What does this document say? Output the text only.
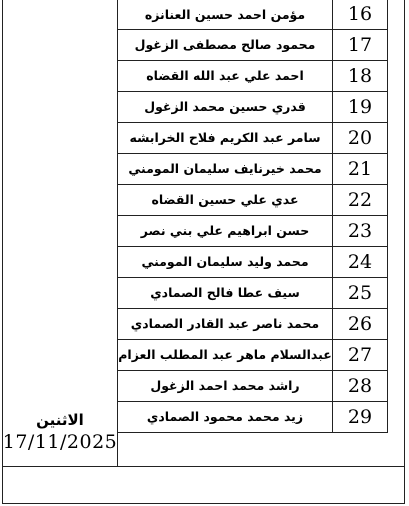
الاثنين
17/11/2025
مؤمن احمد حسين العنانزه	16
محمود صالح مصطفى الزغول	17
احمد علي عبد الله القضاه	18
قدري حسين محمد الزغول	19
سامر عبد الكريم فلاح الخرابشه	20
محمد خيرنايف سليمان المومني	21
عدي علي حسين القضاه	22
حسن ابراهيم علي بني نصر	23
محمد وليد سليمان المومني	24
سيف عطا فالح الصمادي	25
محمد ناصر عبد القادر الصمادي	26
عبدالسلام ماهر عبد المطلب العزام	27
راشد محمد احمد الزغول	28
زيد محمد محمود الصمادي	29
